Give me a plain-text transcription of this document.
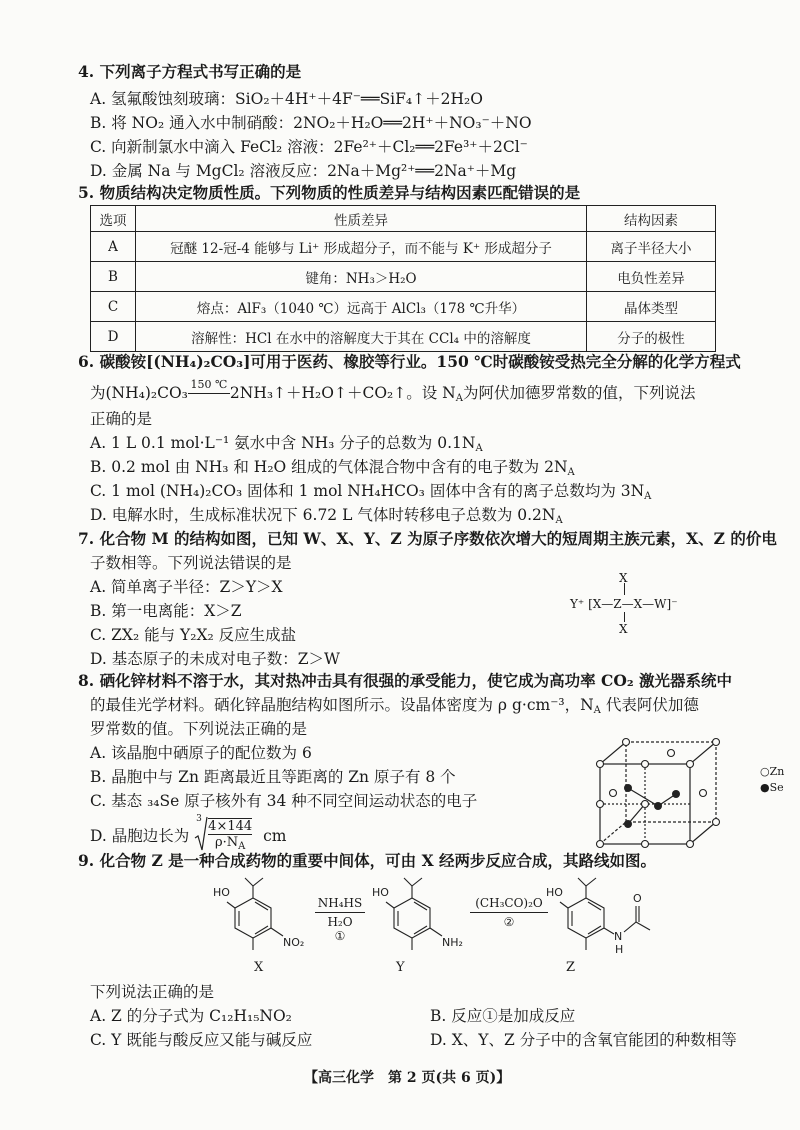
4. 下列离子方程式书写正确的是
A. 氢氟酸蚀刻玻璃：SiO₂＋4H⁺＋4F⁻══SiF₄↑＋2H₂O
B. 将 NO₂ 通入水中制硝酸：2NO₂＋H₂O══2H⁺＋NO₃⁻＋NO
C. 向新制氯水中滴入 FeCl₂ 溶液：2Fe²⁺＋Cl₂══2Fe³⁺＋2Cl⁻
D. 金属 Na 与 MgCl₂ 溶液反应：2Na＋Mg²⁺══2Na⁺＋Mg
5. 物质结构决定物质性质。下列物质的性质差异与结构因素匹配错误的是
选项	性质差异	结构因素
A	冠醚 12-冠-4 能够与 Li⁺ 形成超分子，而不能与 K⁺ 形成超分子	离子半径大小
B	键角：NH₃＞H₂O	电负性差异
C	熔点：AlF₃（1040 ℃）远高于 AlCl₃（178 ℃升华）	晶体类型
D	溶解性：HCl 在水中的溶解度大于其在 CCl₄ 中的溶解度	分子的极性
6. 碳酸铵[(NH₄)₂CO₃]可用于医药、橡胶等行业。150 ℃时碳酸铵受热完全分解的化学方程式
为(NH₄)₂CO₃ 150 ℃ 2NH₃↑＋H₂O↑＋CO₂↑。设 $N_A$为阿伏加德罗常数的值，下列说法
正确的是
A. 1 L 0.1 mol·L⁻¹ 氨水中含 NH₃ 分子的总数为 $0.1N_A$
B. 0.2 mol 由 NH₃ 和 H₂O 组成的气体混合物中含有的电子数为 $2N_A$
C. 1 mol (NH₄)₂CO₃ 固体和 1 mol NH₄HCO₃ 固体中含有的离子总数均为 $3N_A$
D. 电解水时，生成标准状况下 6.72 L 气体时转移电子总数为 $0.2N_A$
7. 化合物 M 的结构如图，已知 W、X、Y、Z 为原子序数依次增大的短周期主族元素，X、Z 的价电
子数相等。下列说法错误的是
A. 简单离子半径：Z＞Y＞X
B. 第一电离能：X＞Z
C. ZX₂ 能与 Y₂X₂ 反应生成盐
D. 基态原子的未成对电子数：Z＞W
X
Y⁺ [X—Z—X—W]⁻
X
8. 硒化锌材料不溶于水，其对热冲击具有很强的承受能力，使它成为高功率 CO₂ 激光器系统中
的最佳光学材料。硒化锌晶胞结构如图所示。设晶体密度为 ρ g·cm⁻³，$N_A$ 代表阿伏加德
罗常数的值。下列说法正确的是
A. 该晶胞中硒原子的配位数为 6
B. 晶胞中与 Zn 距离最近且等距离的 Zn 原子有 8 个
C. 基态 ₃₄Se 原子核外有 34 种不同空间运动状态的电子
D. 晶胞边长为
$3 \frac{4\times 144}{\rho\cdot N_A}$ cm
○Zn
●Se
9. 化合物 Z 是一种合成药物的重要中间体，可由 X 经两步反应合成，其路线如图。
HO
NO₂
NH₄HS
H₂O
①
HO
NH₂
(CH₃CO)₂O
②
HO
N
H
O
X	Y	Z
下列说法正确的是
A. Z 的分子式为 C₁₂H₁₅NO₂	B. 反应①是加成反应
C. Y 既能与酸反应又能与碱反应	D. X、Y、Z 分子中的含氧官能团的种数相等
【高三化学　第 2 页(共 6 页)】
